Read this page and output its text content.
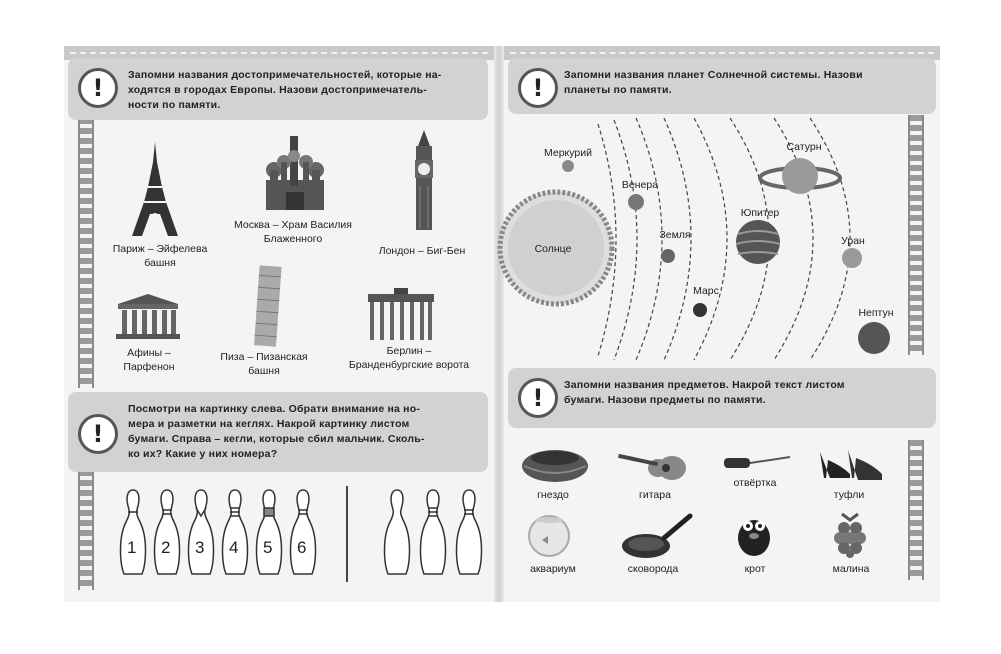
!	Запомни названия достопримечательностей, которые на-
ходятся в городах Европы. Назови достопримечатель-
ности по памяти.
Париж – Эйфелева
башня
Москва – Храм Василия
Блаженного
Лондон – Биг-Бен
Афины –
Парфенон
Пиза – Пизанская
башня
Берлин –
Бранденбургские ворота
!
Посмотри на картинку слева. Обрати внимание на но-
мера и разметки на кеглях. Накрой картинку листом
бумаги. Справа – кегли, которые сбил мальчик. Сколь-
ко их? Какие у них номера?
1 2 3 4 5 6
!	Запомни названия планет Солнечной системы. Назови
планеты по памяти.
Солнце
Меркурий
Венера
Земля
Марс
Юпитер
Сатурн
Уран
Нептун
!	Запомни названия предметов. Накрой текст листом
бумаги. Назови предметы по памяти.
гнездо	гитара
отвёртка
туфли
аквариум	сковорода	крот	малина
